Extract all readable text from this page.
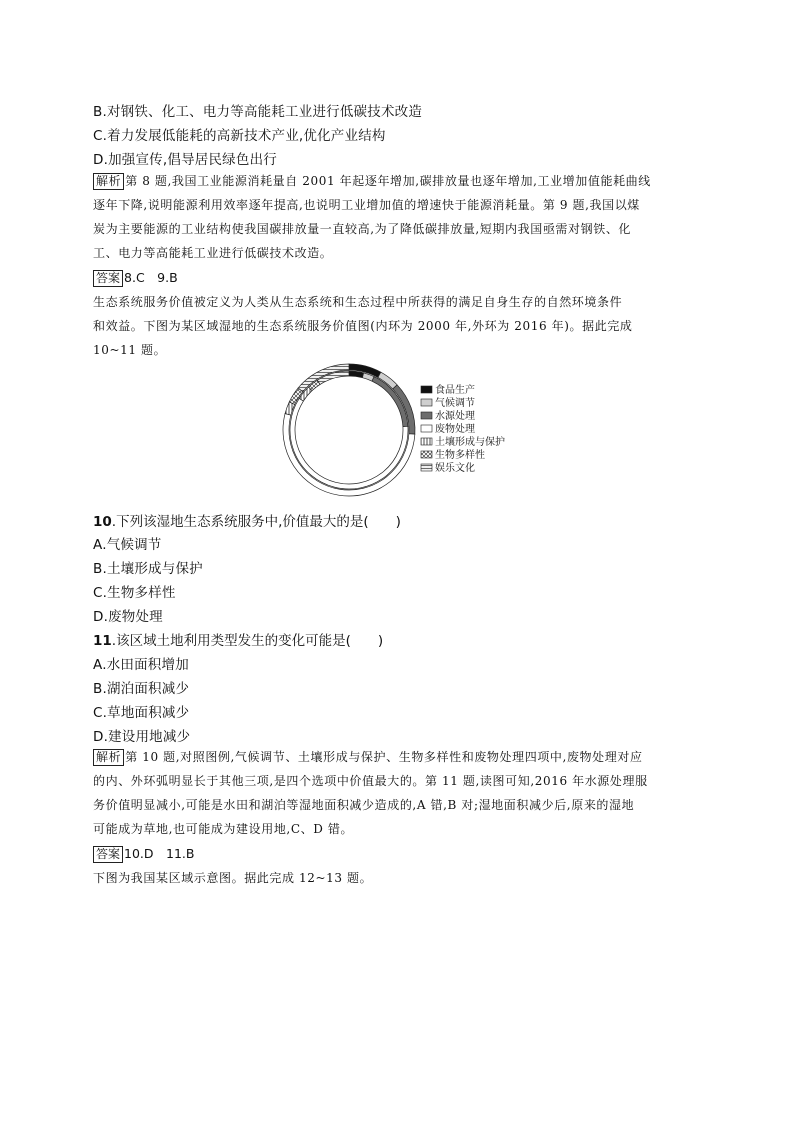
B.对钢铁、化工、电力等高能耗工业进行低碳技术改造
C.着力发展低能耗的高新技术产业,优化产业结构
D.加强宣传,倡导居民绿色出行
解析 第 8 题,我国工业能源消耗量自 2001 年起逐年增加,碳排放量也逐年增加,工业增加值能耗曲线
逐年下降,说明能源利用效率逐年提高,也说明工业增加值的增速快于能源消耗量。第 9 题,我国以煤
炭为主要能源的工业结构使我国碳排放量一直较高,为了降低碳排放量,短期内我国亟需对钢铁、化
工、电力等高能耗工业进行低碳技术改造。
答案 8.C　9.B
生态系统服务价值被定义为人类从生态系统和生态过程中所获得的满足自身生存的自然环境条件
和效益。下图为某区域湿地的生态系统服务价值图(内环为 2000 年,外环为 2016 年)。据此完成
10~11 题。
食品生产
气候调节
水源处理
废物处理
土壤形成与保护
生物多样性
娱乐文化
10.下列该湿地生态系统服务中,价值最大的是(　　)
A.气候调节
B.土壤形成与保护
C.生物多样性
D.废物处理
11.该区域土地利用类型发生的变化可能是(　　)
A.水田面积增加
B.湖泊面积减少
C.草地面积减少
D.建设用地减少
解析 第 10 题,对照图例,气候调节、土壤形成与保护、生物多样性和废物处理四项中,废物处理对应
的内、外环弧明显长于其他三项,是四个选项中价值最大的。第 11 题,读图可知,2016 年水源处理服
务价值明显减小,可能是水田和湖泊等湿地面积减少造成的,A 错,B 对;湿地面积减少后,原来的湿地
可能成为草地,也可能成为建设用地,C、D 错。
答案 10.D　11.B
下图为我国某区域示意图。据此完成 12~13 题。
